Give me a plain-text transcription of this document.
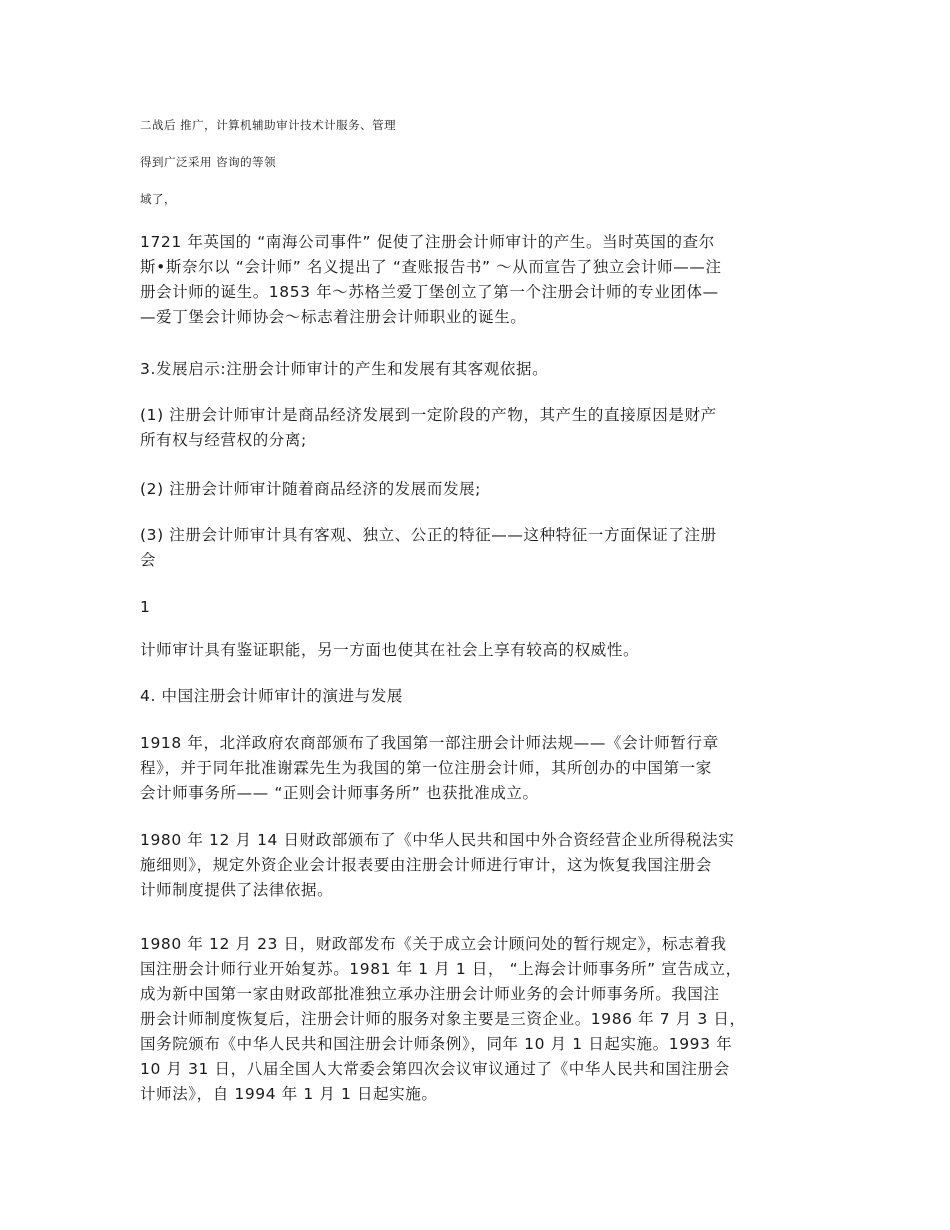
二战后 推广，计算机辅助审计技术计服务、管理
得到广泛采用 咨询的等领
域了，

1721 年英国的 “南海公司事件” 促使了注册会计师审计的产生。当时英国的查尔
斯•斯奈尔以 “会计师” 名义提出了 “查账报告书” ～从而宣告了独立会计师——注
册会计师的诞生。1853 年～苏格兰爱丁堡创立了第一个注册会计师的专业团体—
—爱丁堡会计师协会～标志着注册会计师职业的诞生。

3.发展启示:注册会计师审计的产生和发展有其客观依据。

(1) 注册会计师审计是商品经济发展到一定阶段的产物，其产生的直接原因是财产
所有权与经营权的分离;

(2) 注册会计师审计随着商品经济的发展而发展;

(3) 注册会计师审计具有客观、独立、公正的特征——这种特征一方面保证了注册
会

1

计师审计具有鉴证职能，另一方面也使其在社会上享有较高的权威性。

4. 中国注册会计师审计的演进与发展

1918 年，北洋政府农商部颁布了我国第一部注册会计师法规——《会计师暂行章
程》，并于同年批准谢霖先生为我国的第一位注册会计师，其所创办的中国第一家
会计师事务所—— “正则会计师事务所” 也获批准成立。

1980 年 12 月 14 日财政部颁布了《中华人民共和国中外合资经营企业所得税法实
施细则》，规定外资企业会计报表要由注册会计师进行审计，这为恢复我国注册会
计师制度提供了法律依据。

1980 年 12 月 23 日，财政部发布《关于成立会计顾问处的暂行规定》，标志着我
国注册会计师行业开始复苏。1981 年 1 月 1 日， “上海会计师事务所” 宣告成立，
成为新中国第一家由财政部批准独立承办注册会计师业务的会计师事务所。我国注
册会计师制度恢复后，注册会计师的服务对象主要是三资企业。1986 年 7 月 3 日，
国务院颁布《中华人民共和国注册会计师条例》，同年 10 月 1 日起实施。1993 年
10 月 31 日，八届全国人大常委会第四次会议审议通过了《中华人民共和国注册会
计师法》，自 1994 年 1 月 1 日起实施。
